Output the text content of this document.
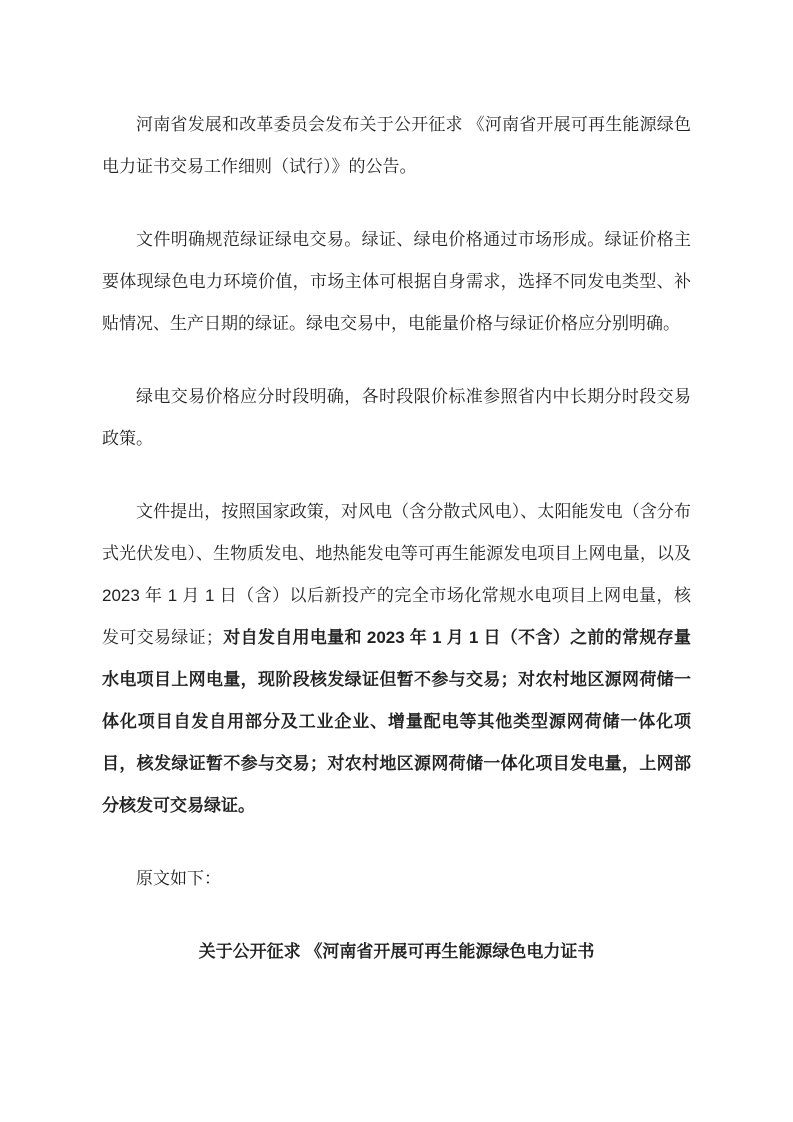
河南省发展和改革委员会发布关于公开征求 《河南省开展可再生能源绿色电力证书交易工作细则（试行）》的公告。

文件明确规范绿证绿电交易。绿证、绿电价格通过市场形成。绿证价格主要体现绿色电力环境价值，市场主体可根据自身需求，选择不同发电类型、补贴情况、生产日期的绿证。绿电交易中，电能量价格与绿证价格应分别明确。

绿电交易价格应分时段明确，各时段限价标准参照省内中长期分时段交易政策。

文件提出，按照国家政策，对风电（含分散式风电）、太阳能发电（含分布式光伏发电）、生物质发电、地热能发电等可再生能源发电项目上网电量，以及 2023 年 1 月 1 日（含）以后新投产的完全市场化常规水电项目上网电量，核发可交易绿证；对自发自用电量和 2023 年 1 月 1 日（不含）之前的常规存量水电项目上网电量，现阶段核发绿证但暂不参与交易；对农村地区源网荷储一体化项目自发自用部分及工业企业、增量配电等其他类型源网荷储一体化项目，核发绿证暂不参与交易；对农村地区源网荷储一体化项目发电量，上网部分核发可交易绿证。

原文如下：

关于公开征求 《河南省开展可再生能源绿色电力证书
